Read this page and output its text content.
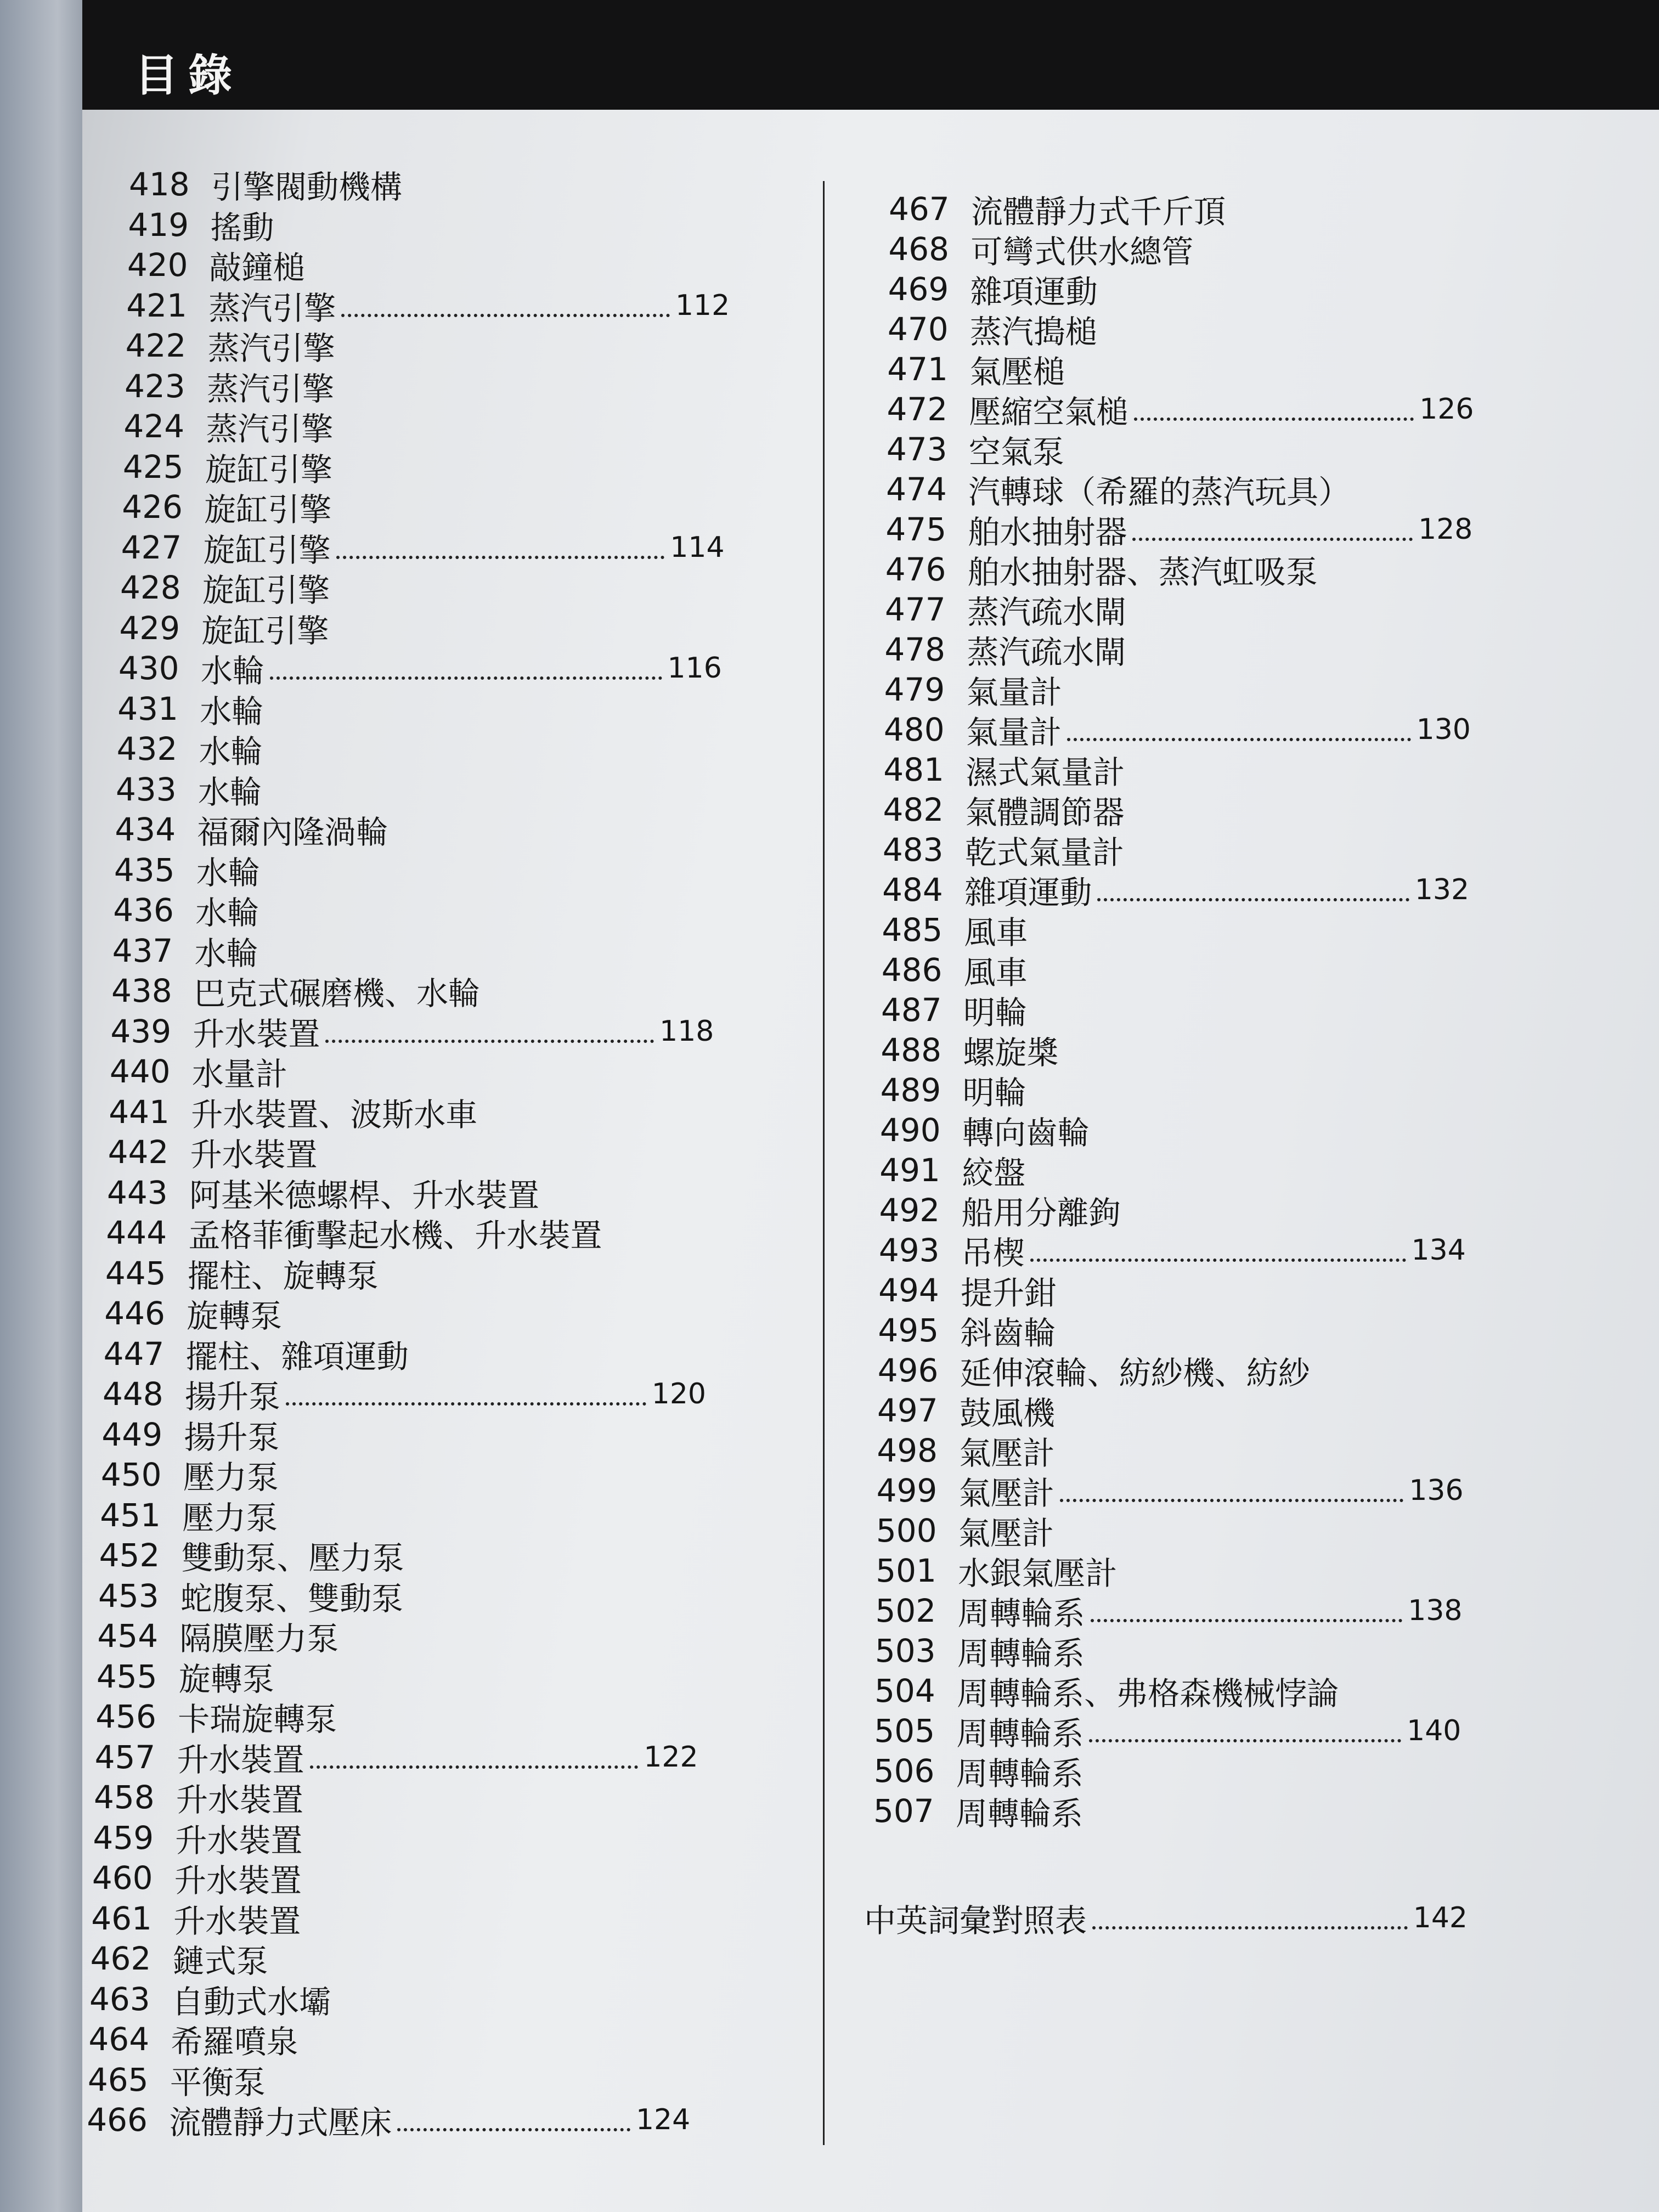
目錄
418 引擎閥動機構
419 搖動
420 敲鐘槌
421 蒸汽引擎	112
422 蒸汽引擎
423 蒸汽引擎
424 蒸汽引擎
425 旋缸引擎
426 旋缸引擎
427 旋缸引擎	114
428 旋缸引擎
429 旋缸引擎
430 水輪	116
431 水輪
432 水輪
433 水輪
434 福爾內隆渦輪
435 水輪
436 水輪
437 水輪
438 巴克式碾磨機、水輪
439 升水裝置	118
440 水量計
441 升水裝置、波斯水車
442 升水裝置
443 阿基米德螺桿、升水裝置
444 孟格菲衝擊起水機、升水裝置
445 擺柱、旋轉泵
446 旋轉泵
447 擺柱、雜項運動
448 揚升泵	120
449 揚升泵
450 壓力泵
451 壓力泵
452 雙動泵、壓力泵
453 蛇腹泵、雙動泵
454 隔膜壓力泵
455 旋轉泵
456 卡瑞旋轉泵
457 升水裝置	122
458 升水裝置
459 升水裝置
460 升水裝置
461 升水裝置
462 鏈式泵
463 自動式水壩
464 希羅噴泉
465 平衡泵
466 流體靜力式壓床	124
467 流體靜力式千斤頂
468 可彎式供水總管
469 雜項運動
470 蒸汽搗槌
471 氣壓槌
472 壓縮空氣槌	126
473 空氣泵
474 汽轉球（希羅的蒸汽玩具）
475 舶水抽射器	128
476 舶水抽射器、蒸汽虹吸泵
477 蒸汽疏水閘
478 蒸汽疏水閘
479 氣量計
480 氣量計	130
481 濕式氣量計
482 氣體調節器
483 乾式氣量計
484 雜項運動	132
485 風車
486 風車
487 明輪
488 螺旋槳
489 明輪
490 轉向齒輪
491 絞盤
492 船用分離鉤
493 吊楔	134
494 提升鉗
495 斜齒輪
496 延伸滾輪、紡紗機、紡紗
497 鼓風機
498 氣壓計
499 氣壓計	136
500 氣壓計
501 水銀氣壓計
502 周轉輪系	138
503 周轉輪系
504 周轉輪系、弗格森機械悖論
505 周轉輪系	140
506 周轉輪系
507 周轉輪系
中英詞彙對照表	142
